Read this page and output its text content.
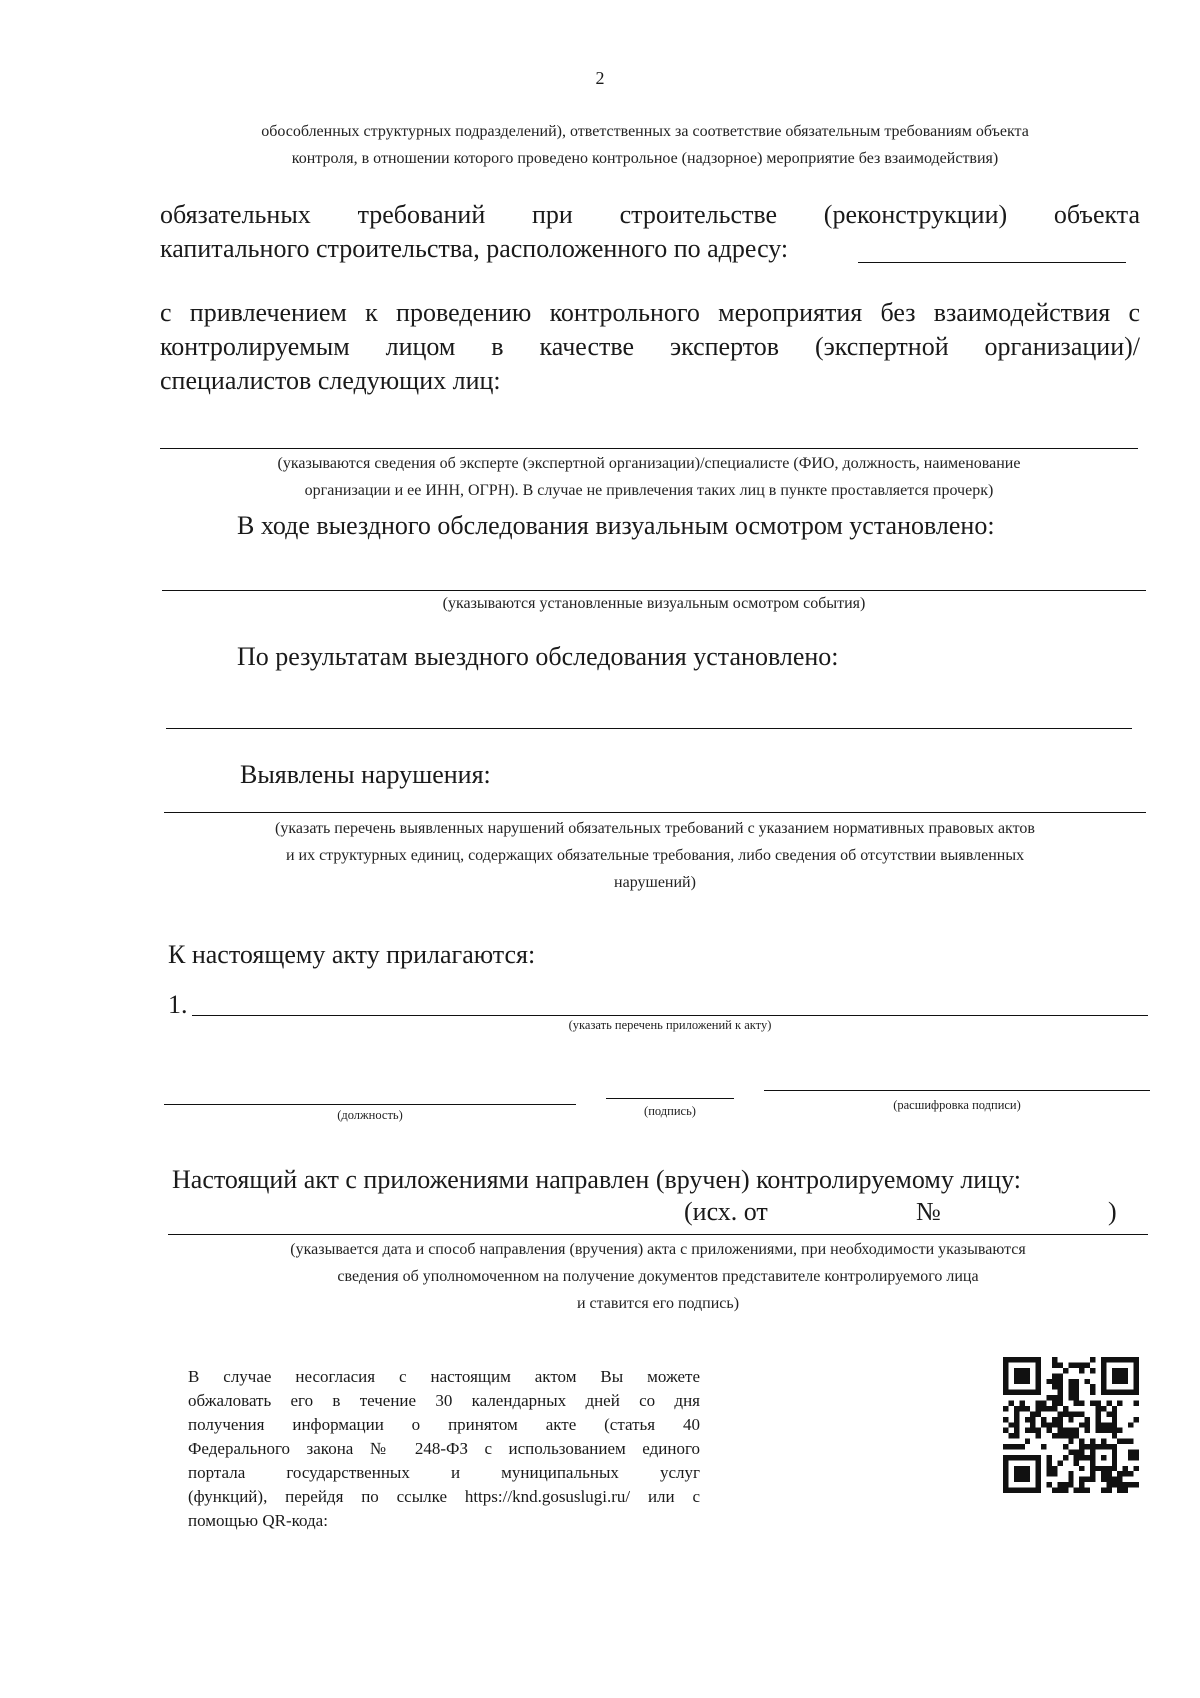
2
обособленных структурных подразделений), ответственных за соответствие обязательным требованиям объекта
контроля, в отношении которого проведено контрольное (надзорное) мероприятие без взаимодействия)
обязательных требований при строительстве (реконструкции) объекта
капитального строительства, расположенного по адресу:
с привлечением к проведению контрольного мероприятия без взаимодействия с
контролируемым лицом в качестве экспертов (экспертной организации)/
специалистов следующих лиц:
(указываются сведения об эксперте (экспертной организации)/специалисте (ФИО, должность, наименование
организации и ее ИНН, ОГРН). В случае не привлечения таких лиц в пункте проставляется прочерк)
В ходе выездного обследования визуальным осмотром установлено:
(указываются установленные визуальным осмотром события)
По результатам выездного обследования установлено:
Выявлены нарушения:
(указать перечень выявленных нарушений обязательных требований с указанием нормативных правовых актов
и их структурных единиц, содержащих обязательные требования, либо сведения об отсутствии выявленных
нарушений)
К настоящему акту прилагаются:
1.
(указать перечень приложений к акту)
(должность)	(подпись)	(расшифровка подписи)
Настоящий акт с приложениями направлен (вручен) контролируемому лицу:
(исх. от	№	)
(указывается дата и способ направления (вручения) акта с приложениями, при необходимости указываются
сведения об уполномоченном на получение документов представителе контролируемого лица
и ставится его подпись)
В случае несогласия с настоящим актом Вы можете
обжаловать его в течение 30 календарных дней со дня
получения информации о принятом акте (статья 40
Федерального закона № 248-ФЗ с использованием единого
портала государственных и муниципальных услуг
(функций), перейдя по ссылке https://knd.gosuslugi.ru/ или с
помощью QR-кода:
